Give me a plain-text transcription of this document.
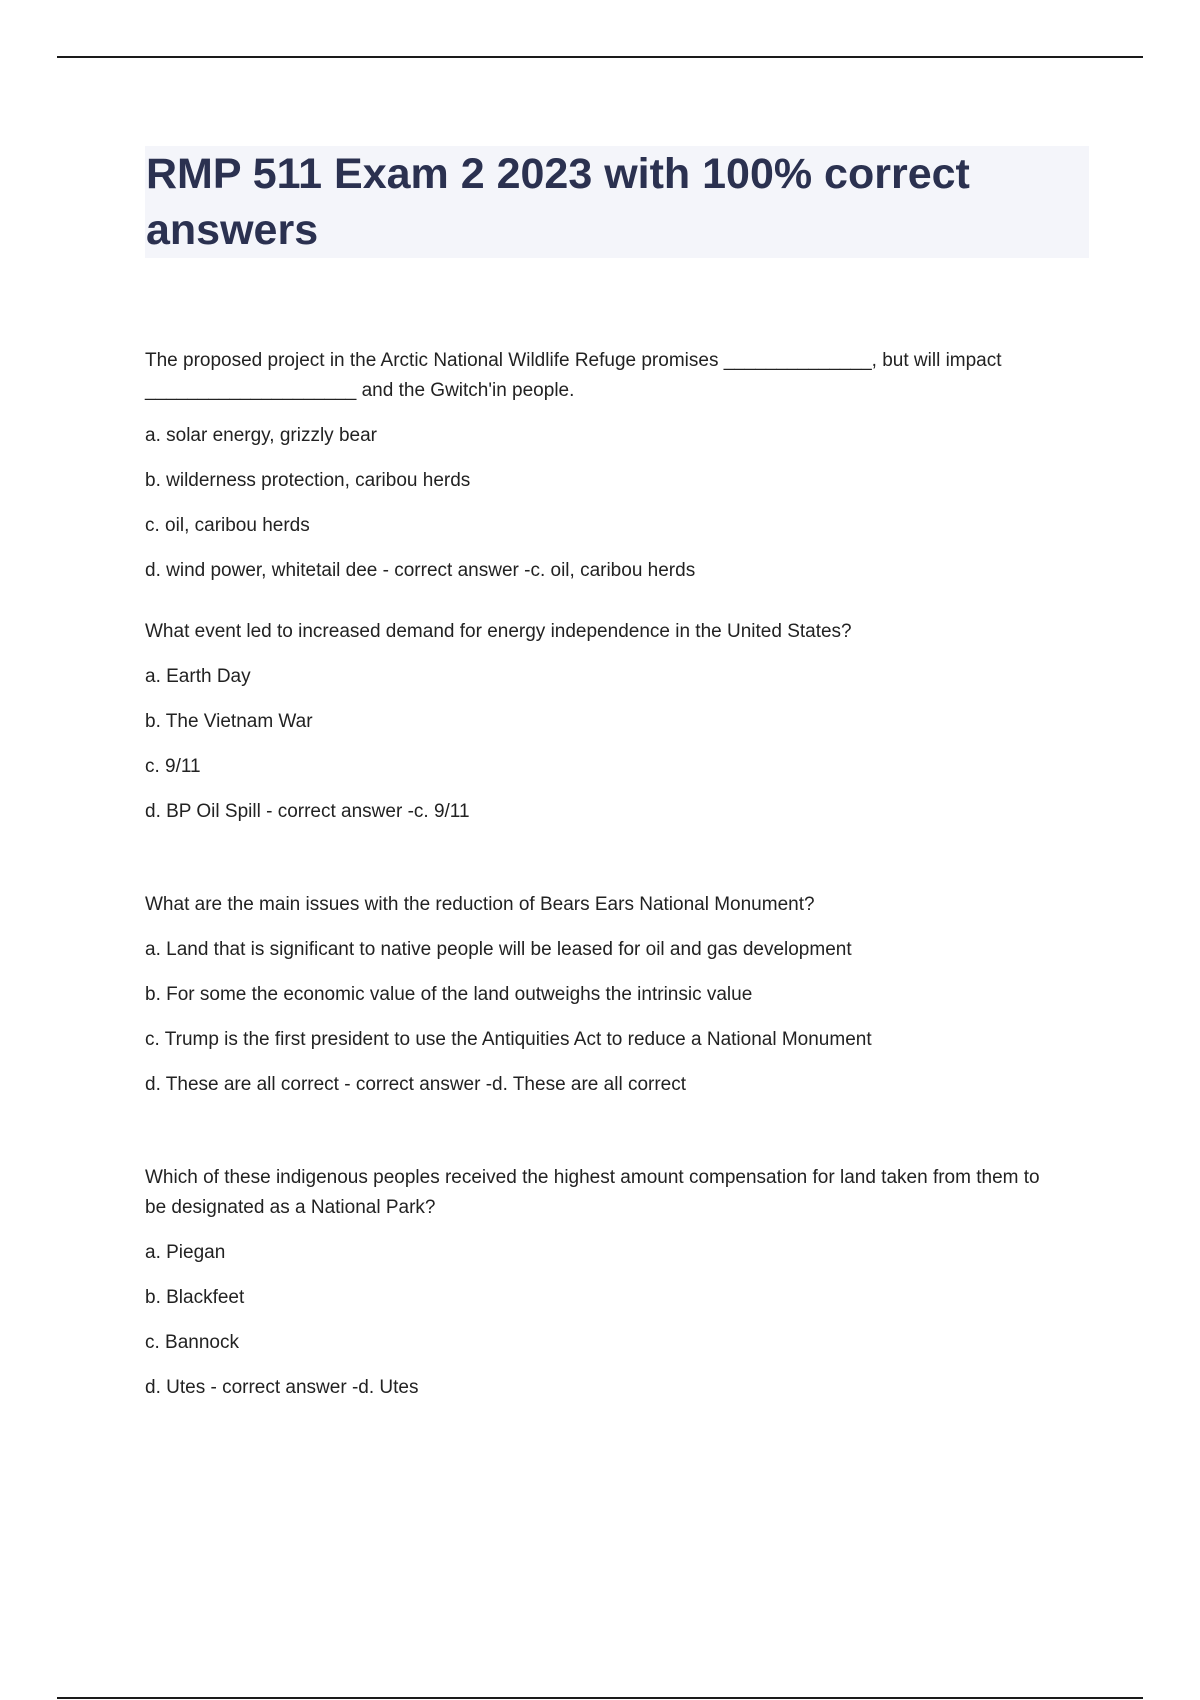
RMP 511 Exam 2 2023 with 100% correct answers

The proposed project in the Arctic National Wildlife Refuge promises ______________, but will impact ____________________ and the Gwitch'in people.

a. solar energy, grizzly bear
b. wilderness protection, caribou herds
c. oil, caribou herds
d. wind power, whitetail dee - correct answer -c. oil, caribou herds

What event led to increased demand for energy independence in the United States?

a. Earth Day
b. The Vietnam War
c. 9/11
d. BP Oil Spill - correct answer -c. 9/11

What are the main issues with the reduction of Bears Ears National Monument?

a. Land that is significant to native people will be leased for oil and gas development
b. For some the economic value of the land outweighs the intrinsic value
c. Trump is the first president to use the Antiquities Act to reduce a National Monument
d. These are all correct - correct answer -d. These are all correct

Which of these indigenous peoples received the highest amount compensation for land taken from them to be designated as a National Park?

a. Piegan
b. Blackfeet
c. Bannock
d. Utes - correct answer -d. Utes
